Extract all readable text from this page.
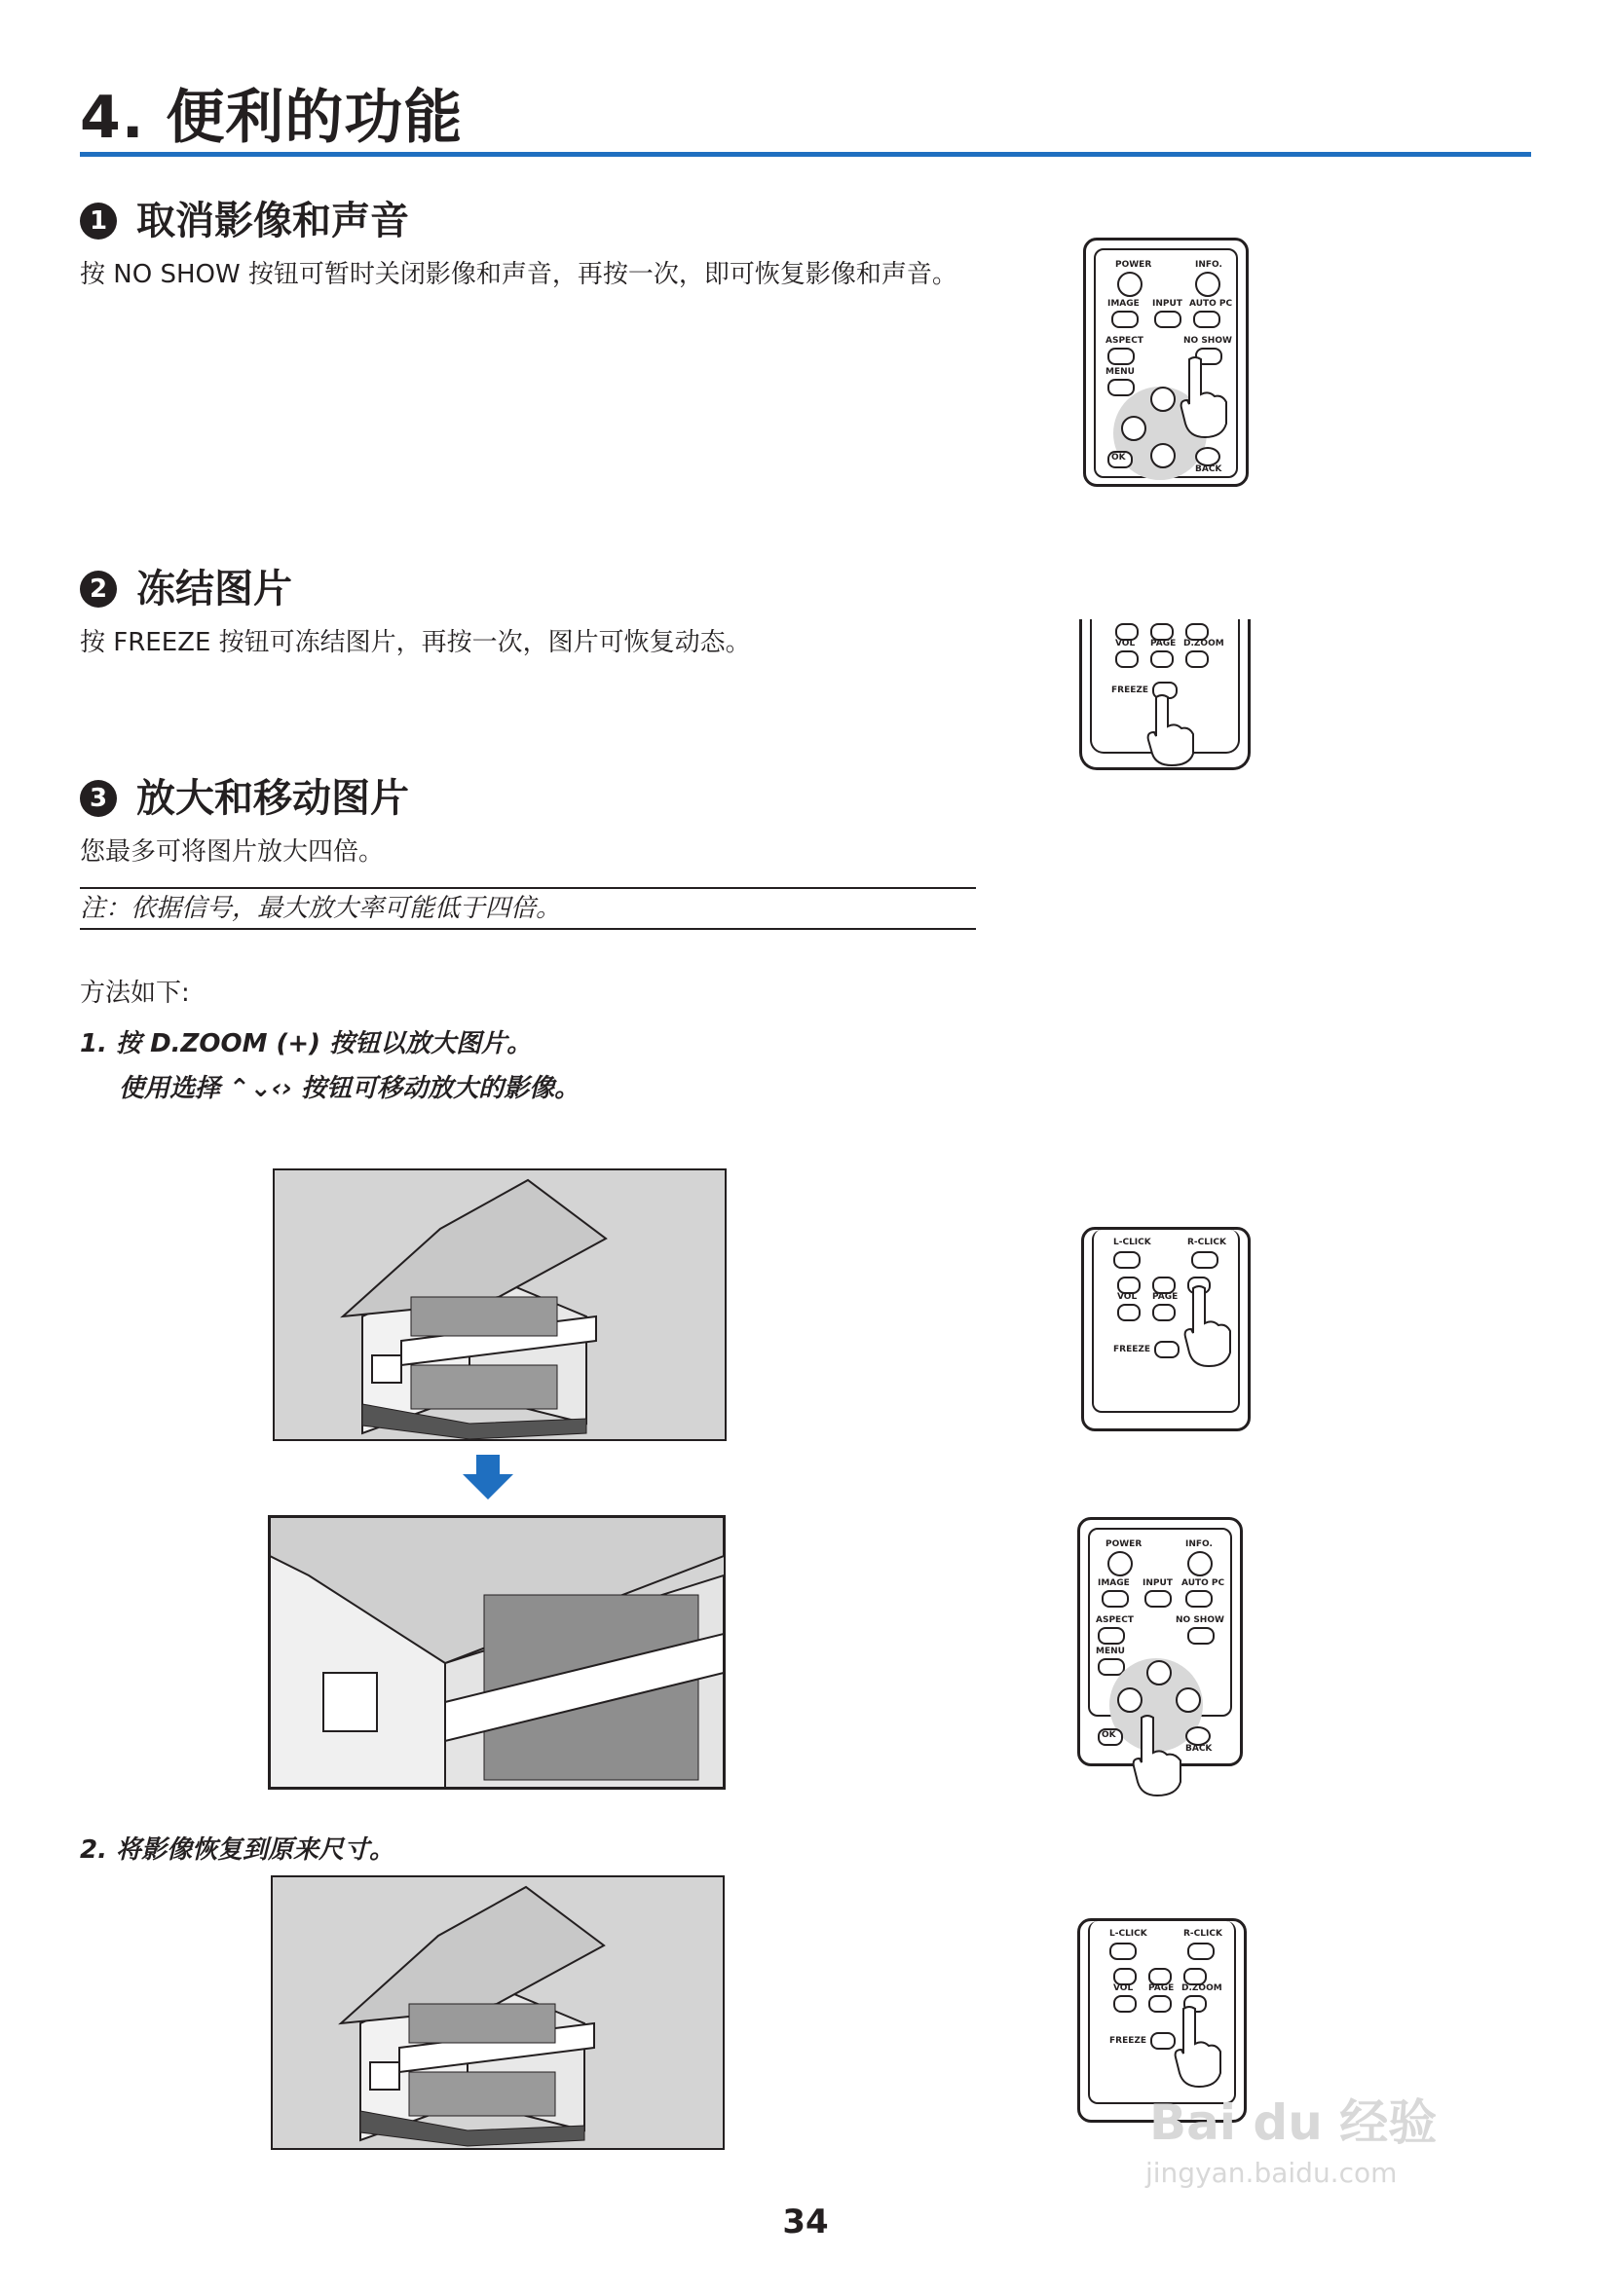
4. 便利的功能
1 取消影像和声音
按 NO SHOW 按钮可暂时关闭影像和声音，再按一次，即可恢复影像和声音。
2 冻结图片
按 FREEZE 按钮可冻结图片，再按一次，图片可恢复动态。
3 放大和移动图片
您最多可将图片放大四倍。
注：依据信号，最大放大率可能低于四倍。
方法如下:
1. 按 D.ZOOM (+) 按钮以放大图片。
使用选择 ⌃⌄‹› 按钮可移动放大的影像。
2. 将影像恢复到原来尺寸。
POWER	INFO.
IMAGE INPUT AUTO PC
ASPECT	NO SHOW
MENU
OK
BACK
VOL PAGE D.ZOOM
FREEZE
L-CLICK	R-CLICK
VOL PAGE
FREEZE
POWER	INFO.
IMAGE INPUT AUTO PC
ASPECT	NO SHOW
MENU
OK
BACK
L-CLICK	R-CLICK
VOL PAGE D.ZOOM
FREEZE
Bai du 经验
jingyan.baidu.com
34
